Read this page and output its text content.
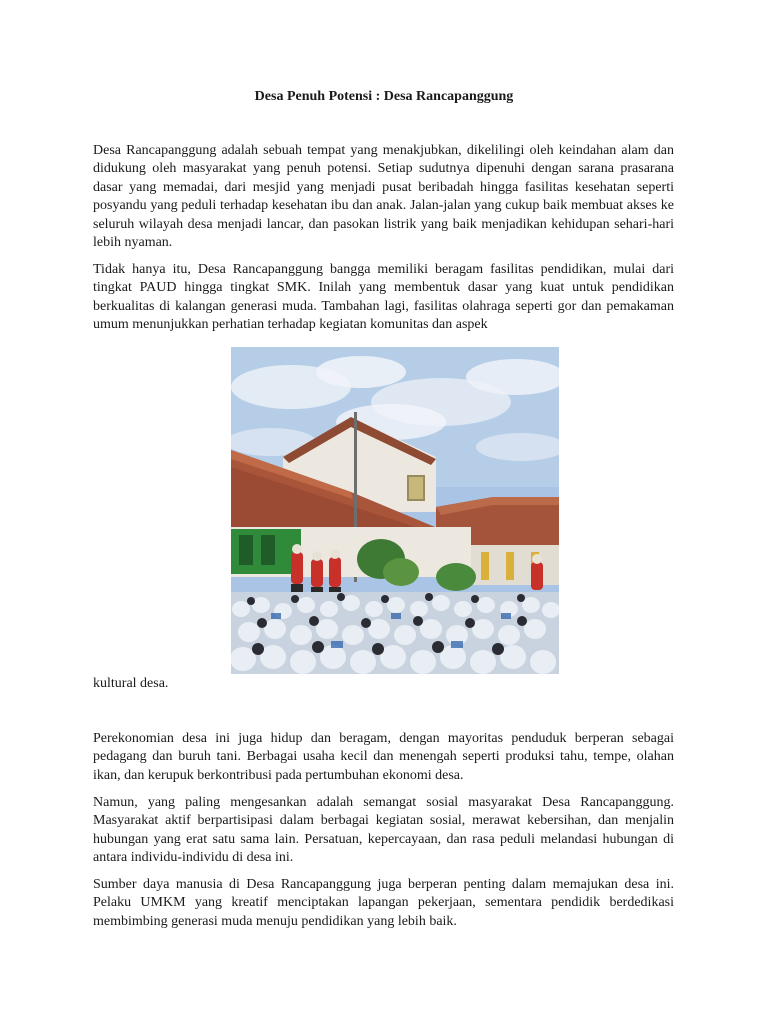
Desa Penuh Potensi : Desa Rancapanggung

Desa Rancapanggung adalah sebuah tempat yang menakjubkan, dikelilingi oleh keindahan alam dan didukung oleh masyarakat yang penuh potensi. Setiap sudutnya dipenuhi dengan sarana prasarana dasar yang memadai, dari mesjid yang menjadi pusat beribadah hingga fasilitas kesehatan seperti posyandu yang peduli terhadap kesehatan ibu dan anak. Jalan-jalan yang cukup baik membuat akses ke seluruh wilayah desa menjadi lancar, dan pasokan listrik yang baik menjadikan kehidupan sehari-hari lebih nyaman.

Tidak hanya itu, Desa Rancapanggung bangga memiliki beragam fasilitas pendidikan, mulai dari tingkat PAUD hingga tingkat SMK. Inilah yang membentuk dasar yang kuat untuk pendidikan berkualitas di kalangan generasi muda. Tambahan lagi, fasilitas olahraga seperti gor dan pemakaman umum menunjukkan perhatian terhadap kegiatan komunitas dan aspek

kultural desa.

Perekonomian desa ini juga hidup dan beragam, dengan mayoritas penduduk berperan sebagai pedagang dan buruh tani. Berbagai usaha kecil dan menengah seperti produksi tahu, tempe, olahan ikan, dan kerupuk berkontribusi pada pertumbuhan ekonomi desa.

Namun, yang paling mengesankan adalah semangat sosial masyarakat Desa Rancapanggung. Masyarakat aktif berpartisipasi dalam berbagai kegiatan sosial, merawat kebersihan, dan menjalin hubungan yang erat satu sama lain. Persatuan, kepercayaan, dan rasa peduli melandasi hubungan di antara individu-individu di desa ini.

Sumber daya manusia di Desa Rancapanggung juga berperan penting dalam memajukan desa ini. Pelaku UMKM yang kreatif menciptakan lapangan pekerjaan, sementara pendidik berdedikasi membimbing generasi muda menuju pendidikan yang lebih baik.
